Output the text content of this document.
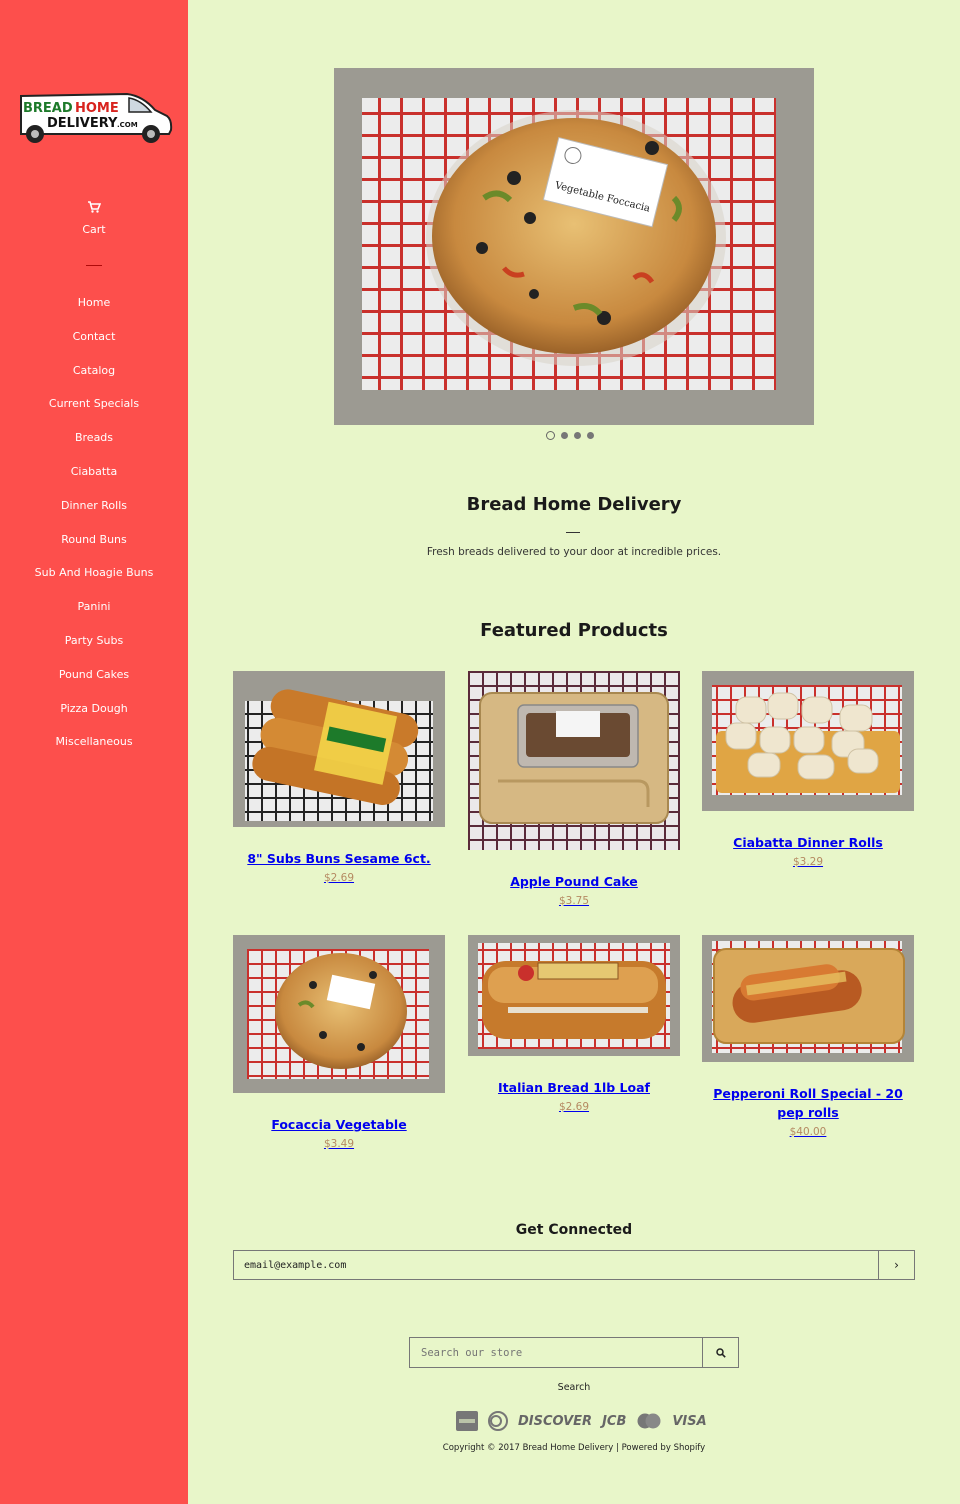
BREAD HOME
DELIVERY .COM
Cart
Home
Contact
Catalog
Current Specials
Breads
Ciabatta
Dinner Rolls
Round Buns
Sub And Hoagie Buns
Panini
Party Subs
Pound Cakes
Pizza Dough
Miscellaneous
Vegetable Foccacia
Bread Home Delivery

Fresh breads delivered to your door at incredible prices.

Featured Products
8" Subs Buns Sesame 6ct.
$2.69	Apple Pound Cake
$3.75
Ciabatta Dinner Rolls
$3.29
Focaccia Vegetable
$3.49
Italian Bread 1lb Loaf
$2.69
Pepperoni Roll Special - 20 pep rolls
$40.00
Get Connected
email@example.com
›
Search our store
Search
DISCOVER JCB	VISA

Copyright © 2017 Bread Home Delivery | Powered by Shopify
